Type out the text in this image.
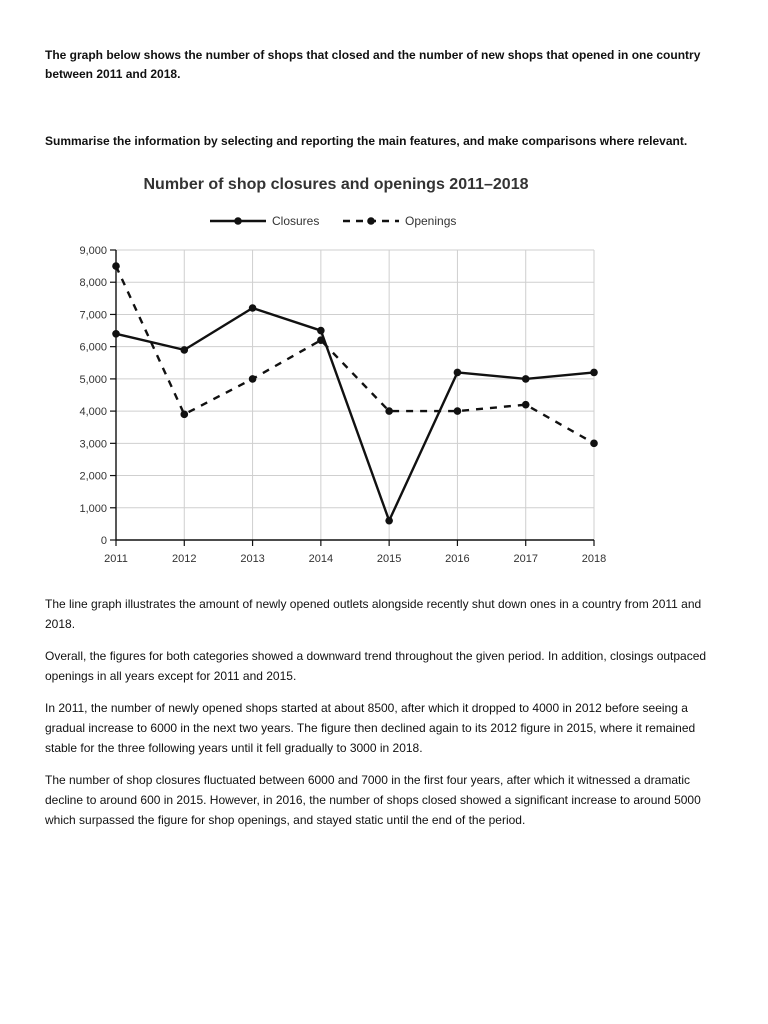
The graph below shows the number of shops that closed and the number of new shops that opened in one country between 2011 and 2018.

Summarise the information by selecting and reporting the main features, and make comparisons where relevant.

Number of shop closures and openings 2011–2018
Closures	Openings
0
1,000
2,000
3,000
4,000
5,000
6,000
7,000
8,000
9,000
2011	2012	2013	2014	2015	2016	2017	2018

The line graph illustrates the amount of newly opened outlets alongside recently shut down ones in a country from 2011 and 2018.

Overall, the figures for both categories showed a downward trend throughout the given period. In addition, closings outpaced openings in all years except for 2011 and 2015.

In 2011, the number of newly opened shops started at about 8500, after which it dropped to 4000 in 2012 before seeing a gradual increase to 6000 in the next two years. The figure then declined again to its 2012 figure in 2015, where it remained stable for the three following years until it fell gradually to 3000 in 2018.

The number of shop closures fluctuated between 6000 and 7000 in the first four years, after which it witnessed a dramatic decline to around 600 in 2015. However, in 2016, the number of shops closed showed a significant increase to around 5000 which surpassed the figure for shop openings, and stayed static until the end of the period.
